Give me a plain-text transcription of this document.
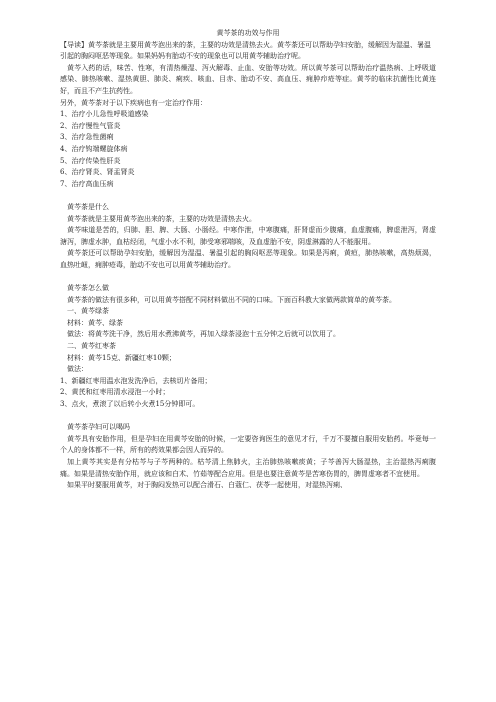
黄芩茶的功效与作用

【导读】黄芩茶就是主要用黄芩泡出来的茶，主要的功效是清热去火。黄芩茶还可以帮助孕妇安胎，缓解因为湿温、暑温引起的胸闷呕恶等现象。如果妈妈有胎动不安的现象也可以用黄芩辅助治疗呢。

黄芩入药的话，味苦、性寒，有清热燥湿、泻火解毒、止血、安胎等功效。所以黄芩茶可以帮助治疗温热病、上呼吸道感染、肺热咳嗽、湿热黄胆、肺炎、痢疾、咳血、目赤、胎动不安、高血压、痈肿疖疮等症。黄芩的临床抗菌性比黄连好，而且不产生抗药性。

另外，黄芩茶对于以下疾病也有一定治疗作用：

1、治疗小儿急性呼吸道感染
2、治疗慢性气管炎
3、治疗急性菌痢
4、治疗钩端螺旋体病
5、治疗传染性肝炎
6、治疗肾炎、肾盂肾炎
7、治疗高血压病

黄芩茶是什么

黄芩茶就是主要用黄芩泡出来的茶，主要的功效是清热去火。

黄芩味道是苦的，归肺、胆、脾、大肠、小肠经。中寒作泄，中寒腹痛，肝肾虚而少腹痛，血虚腹痛，脾虚泄泻，肾虚溏泻，脾虚水肿，血枯经闭，气虚小水不利，肺受寒邪喘咳，及血虚胎不安，阴虚淋露的人不能服用。

黄芩茶还可以帮助孕妇安胎，缓解因为湿温、暑温引起的胸闷呕恶等现象。如果是泻痢，黄疸，肺热咳嗽，高热烦渴，血热吐衄，痈肿疮毒，胎动不安也可以用黄芩辅助治疗。

黄芩茶怎么做

黄芩茶的做法有很多种，可以用黄芩搭配不同材料做出不同的口味。下面百科教大家做两款简单的黄芩茶。

一、黄芩绿茶

材料：黄芩、绿茶

做法：将黄芩洗干净，然后用水煮沸黄芩，再加入绿茶浸泡十五分钟之后就可以饮用了。

二、黄芩红枣茶

材料：黄芩15克、新疆红枣10颗；

做法：

1、新疆红枣用温水泡发洗净后，去核切片备用；
2、黄芪和红枣用清水浸泡一小时；
3、点火，煮滚了以后转小火煮15分钟即可。

黄芩茶孕妇可以喝吗

黄芩具有安胎作用，但是孕妇在用黄芩安胎的时候，一定要咨询医生的意见才行，千万不要擅自服用安胎药。毕竟每一个人的身体都不一样，所有的药效果都会因人而异的。

加上黄芩其实是有分枯芩与子芩两种的。枯芩清上焦肺火，主治肺热咳嗽痰黄；子芩善泻大肠湿热，主治湿热泻痢腹痛。如果是清热安胎作用，就应该和白术、竹茹等配合应用。但是也要注意黄芩是苦寒伤胃的，脾胃虚寒者不宜使用。

如果平时要服用黄芩，对于胸闷发热可以配合滑石、白蔻仁、茯苓一起使用，对湿热泻痢、
